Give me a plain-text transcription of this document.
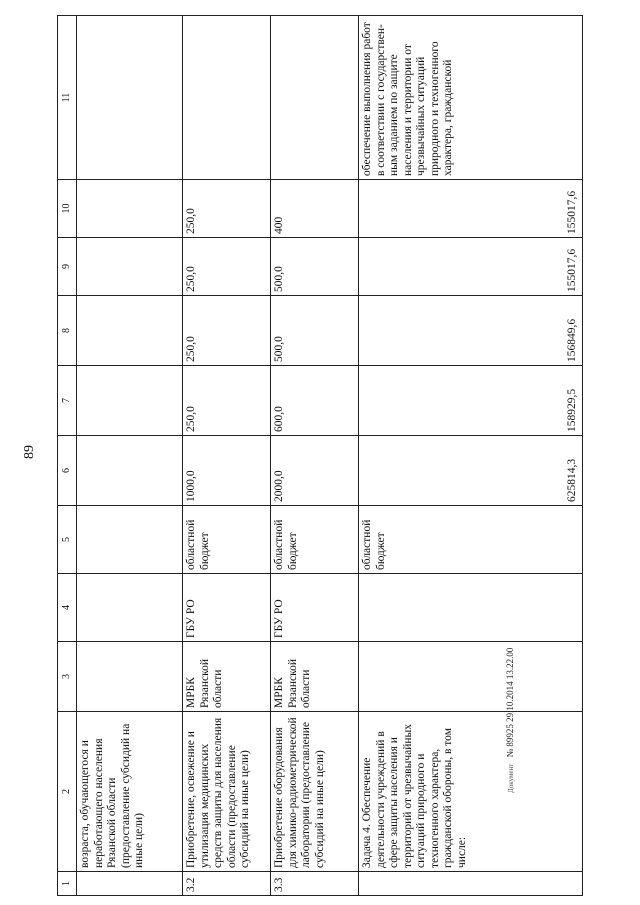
89
1	2	3	4	5	6	7	8	9	10	11
	возраста, обучающегося и неработающего населения Рязанской области (предоставление субсидий на иные цели)									
3.2	Приобретение, освежение и утилизация медицинских средств защиты для населения области (предоставление субсидий на иные цели)	МРБК Рязанской области	ГБУ РО	областной бюджет	1000,0	250,0	250,0	250,0	250,0	
3.3	Приобретение оборудования для химико-радиометрической лаборатории (предоставление субсидий на иные цели)	МРБК Рязанской области	ГБУ РО	областной бюджет	2000,0	600,0	500,0	500,0	400	
	Задача 4. Обеспечение деятельности учреждений в сфере защиты населения и территорий от чрезвычайных ситуаций природного и техногенного характера, гражданской обороны, в том числе:			областной бюджет	625814,3	158929,5	156849,6	155017,6	155017,6	обеспечение выполнения работ в соответствии с государствен-ным заданием по защите населения и территории от чрезвычайных ситуаций природного и техногенного характера, гражданской
Документ № 89925 29.10.2014 13.22.00
